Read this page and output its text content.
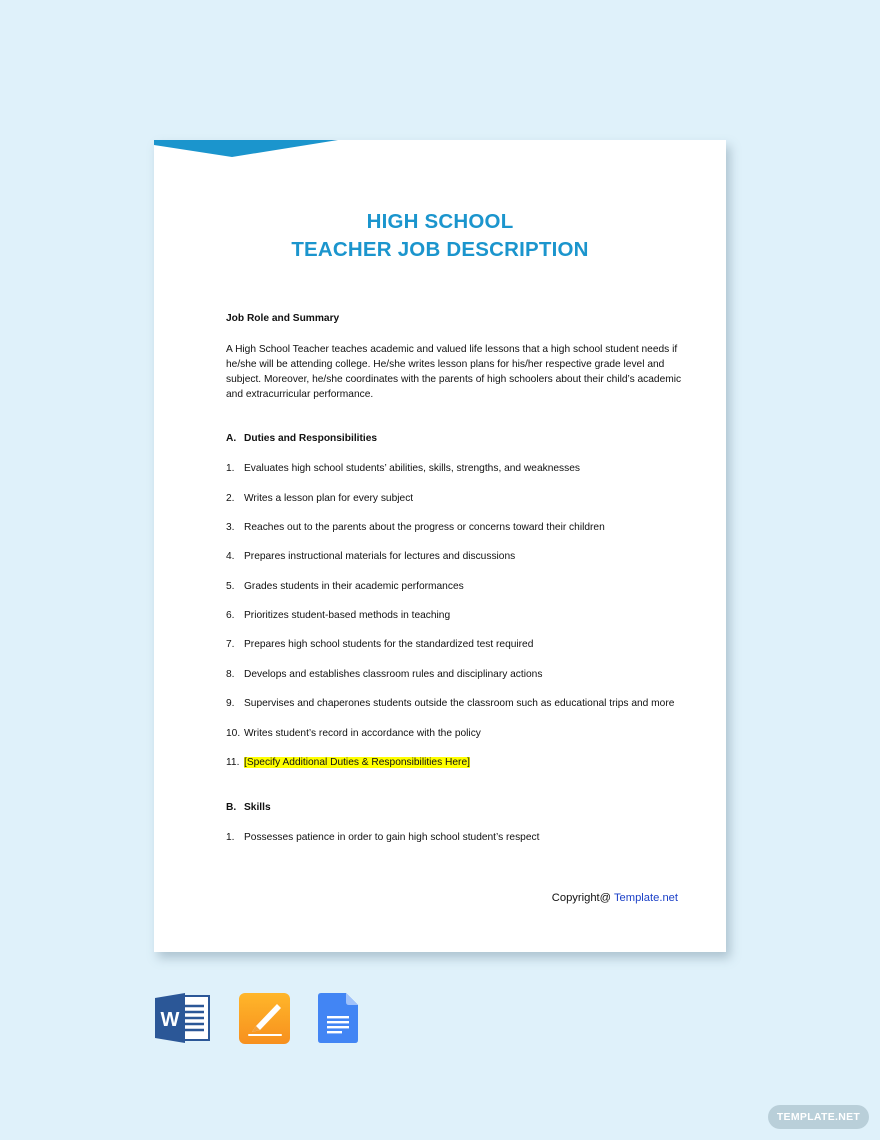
HIGH SCHOOL
TEACHER JOB DESCRIPTION
Job Role and Summary
A High School Teacher teaches academic and valued life lessons that a high school student needs if he/she will be attending college. He/she writes lesson plans for his/her respective grade level and subject. Moreover, he/she coordinates with the parents of high schoolers about their child’s academic and extracurricular performance.
A. Duties and Responsibilities
1. Evaluates high school students’ abilities, skills, strengths, and weaknesses
2. Writes a lesson plan for every subject
3. Reaches out to the parents about the progress or concerns toward their children
4. Prepares instructional materials for lectures and discussions
5. Grades students in their academic performances
6. Prioritizes student-based methods in teaching
7. Prepares high school students for the standardized test required
8. Develops and establishes classroom rules and disciplinary actions
9. Supervises and chaperones students outside the classroom such as educational trips and more
10. Writes student’s record in accordance with the policy
11. [Specify Additional Duties & Responsibilities Here]
B. Skills
1. Possesses patience in order to gain high school student’s respect
Copyright@ Template.net
W
TEMPLATE.NET
